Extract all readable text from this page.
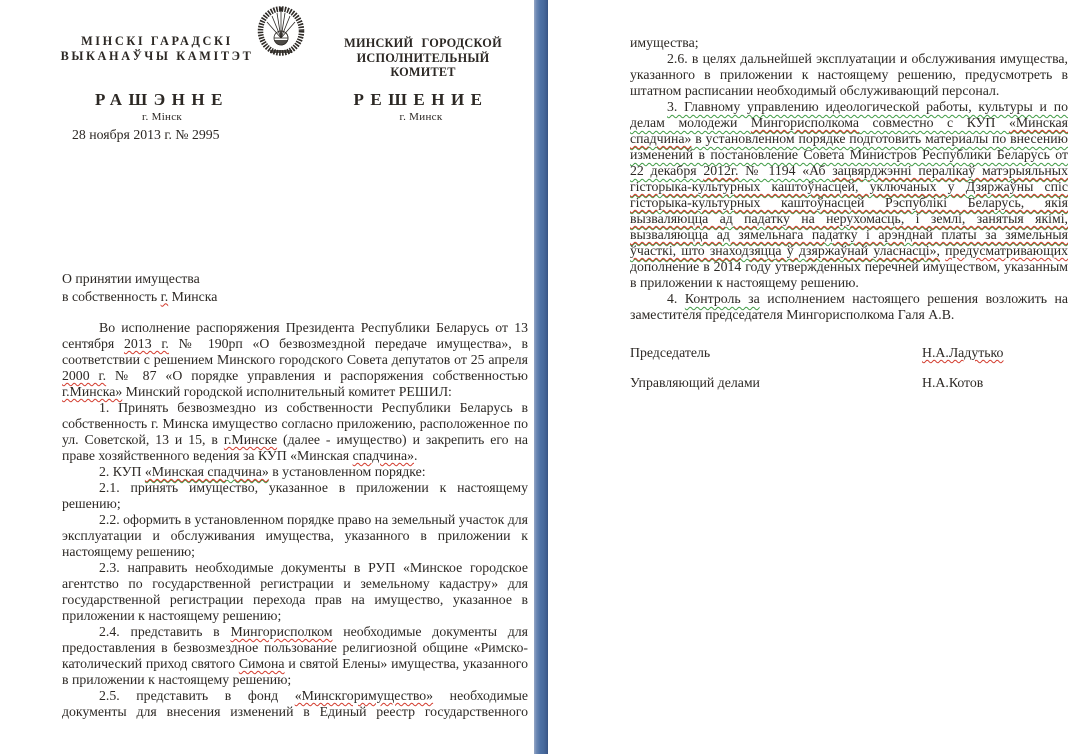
МІНСКІ ГАРАДСКІ
ВЫКАНАЎЧЫ КАМІТЭТ
МИНСКИЙ ГОРОДСКОЙ
ИСПОЛНИТЕЛЬНЫЙ КОМИТЕТ
РАШЭННЕ
г. Мінск
РЕШЕНИЕ
г. Минск
28 ноября 2013 г. № 2995

О принятии имущества

в собственность г. Минска

Во исполнение распоряжения Президента Республики Беларусь от 13 сентября 2013 г. № 190рп «О безвозмездной передаче имущества», в соответствии с решением Минского городского Совета депутатов от 25 апреля 2000 г. № 87 «О порядке управления и распоряжения собственностью г.Минска» Минский городской исполнительный комитет РЕШИЛ:

1. Принять безвозмездно из собственности Республики Беларусь в собственность г. Минска имущество согласно приложению, расположенное по ул. Советской, 13 и 15, в г.Минске (далее - имущество) и закрепить его на праве хозяйственного ведения за КУП «Минская спадчина».

2. КУП «Минская спадчина» в установленном порядке:

2.1. принять имущество, указанное в приложении к настоящему решению;

2.2. оформить в установленном порядке право на земельный участок для эксплуатации и обслуживания имущества, указанного в приложении к настоящему решению;

2.3. направить необходимые документы в РУП «Минское городское агентство по государственной регистрации и земельному кадастру» для государственной регистрации перехода прав на имущество, указанное в приложении к настоящему решению;

2.4. представить в Мингорисполком необходимые документы для предоставления в безвозмездное пользование религиозной общине «Римско-католический приход святого Симона и святой Елены» имущества, указанного в приложении к настоящему решению;

2.5. представить в фонд «Минскгоримущество» необходимые документы для внесения изменений в Единый реестр государственного

имущества;

2.6. в целях дальнейшей эксплуатации и обслуживания имущества, указанного в приложении к настоящему решению, предусмотреть в штатном расписании необходимый обслуживающий персонал.

3. Главному управлению идеологической работы, культуры и по делам молодежи Мингорисполкома совместно с КУП «Минская спадчина» в установленном порядке подготовить материалы по внесению изменений в постановление Совета Министров Республики Беларусь от 22 декабря 2012г. № 1194 «Аб зацвярджэнні пералікаў матэрыяльных гісторыка-культурных каштоўнасцей, уключаных у Дзяржаўны спіс гісторыка-культурных каштоўнасцей Рэспублікі Беларусь, якія вызваляюцца ад падатку на нерухомасць, і землі, занятыя якімі, вызваляюцца ад зямельнага падатку і арэнднай платы за зямельныя ўчасткі, што знаходзяцца ў дзяржаўнай уласнасці», предусматривающих дополнение в 2014 году утвержденных перечней имуществом, указанным в приложении к настоящему решению.

4. Контроль за исполнением настоящего решения возложить на заместителя председателя Мингорисполкома Галя А.В.

Председатель	Н.А.Ладутько
Управляющий делами	Н.А.Котов
